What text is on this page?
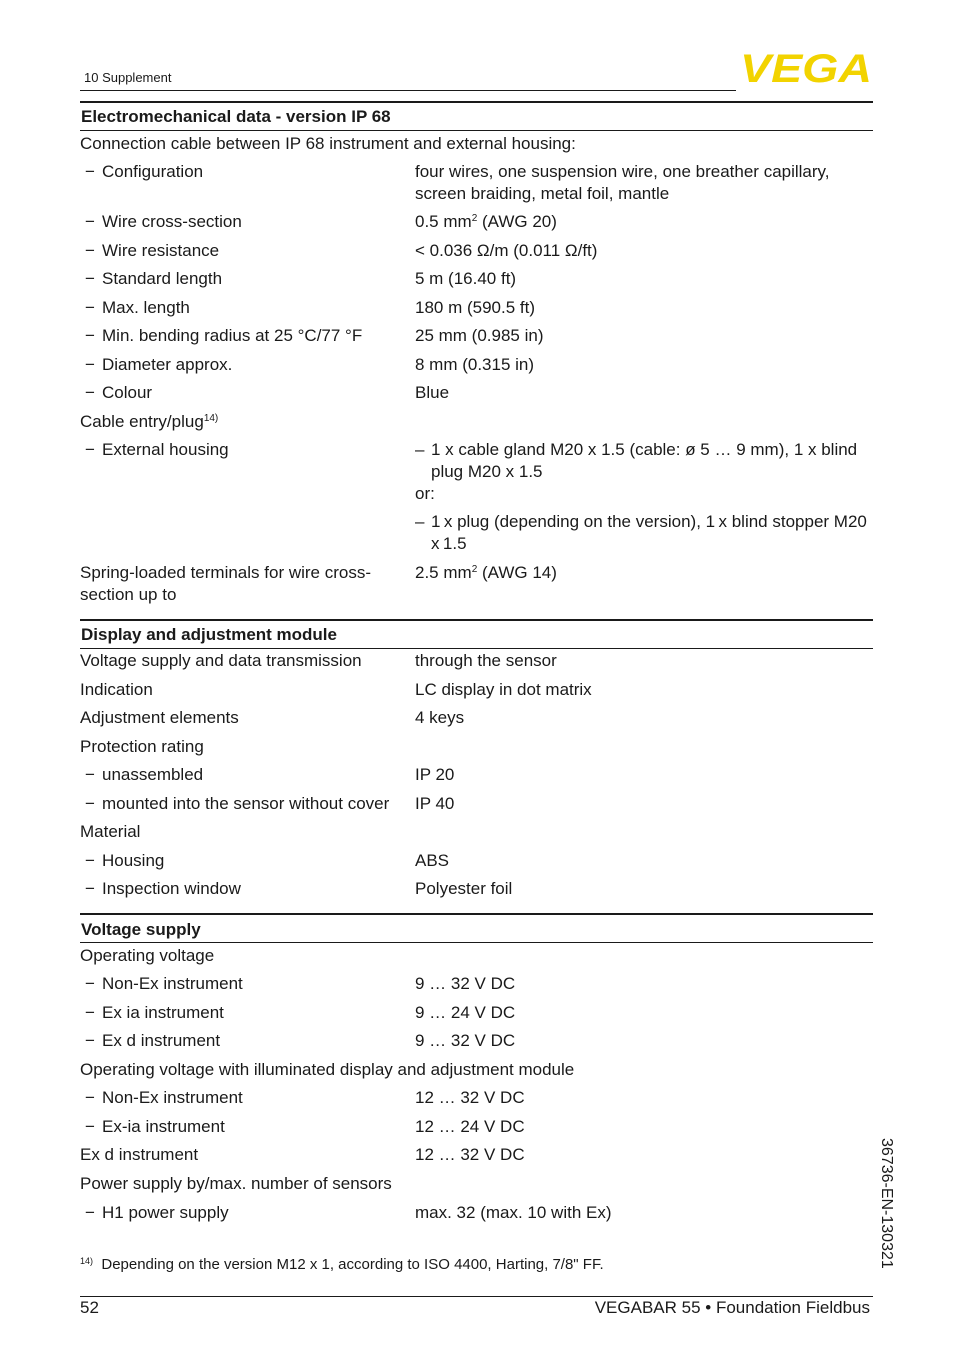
10 Supplement	VEGA
Electromechanical data - version IP 68
Connection cable between IP 68 instrument and external housing:
− Configuration	four wires, one suspension wire, one breather capillary, screen braiding, metal foil, mantle
− Wire cross-section	0.5 $mm^2$ (AWG 20)
− Wire resistance	< 0.036 Ω/m (0.011 Ω/ft)
− Standard length	5 m (16.40 ft)
− Max. length	180 m (590.5 ft)
− Min. bending radius at 25 °C/77 °F	25 mm (0.985 in)
− Diameter approx.	8 mm (0.315 in)
− Colour	Blue
Cable entry/plug$^{14)}$
− External housing
–	1 x cable gland M20 x 1.5 (cable: ø 5 … 9 mm), 1 x blind plug M20 x 1.5
or:
– 1 x plug (depending on the version), 1 x blind stopper M20 x 1.5
Spring-loaded terminals for wire cross-section up to
2.5 $mm^2$ (AWG 14)
Display and adjustment module
Voltage supply and data transmission	through the sensor
Indication	LC display in dot matrix
Adjustment elements	4 keys
Protection rating
− unassembled	IP 20
− mounted into the sensor without cover	IP 40
Material
− Housing	ABS
− Inspection window	Polyester foil
Voltage supply
Operating voltage
− Non-Ex instrument	9 … 32 V DC
− Ex ia instrument	9 … 24 V DC
− Ex d instrument	9 … 32 V DC
Operating voltage with illuminated display and adjustment module
− Non-Ex instrument	12 … 32 V DC
− Ex-ia instrument	12 … 24 V DC
Ex d instrument	12 … 32 V DC
Power supply by/max. number of sensors
− H1 power supply	max. 32 (max. 10 with Ex)
$^{14)}$ Depending on the version M12 x 1, according to ISO 4400, Harting, 7/8" FF.
52	VEGABAR 55 • Foundation Fieldbus
36736-EN-130321
